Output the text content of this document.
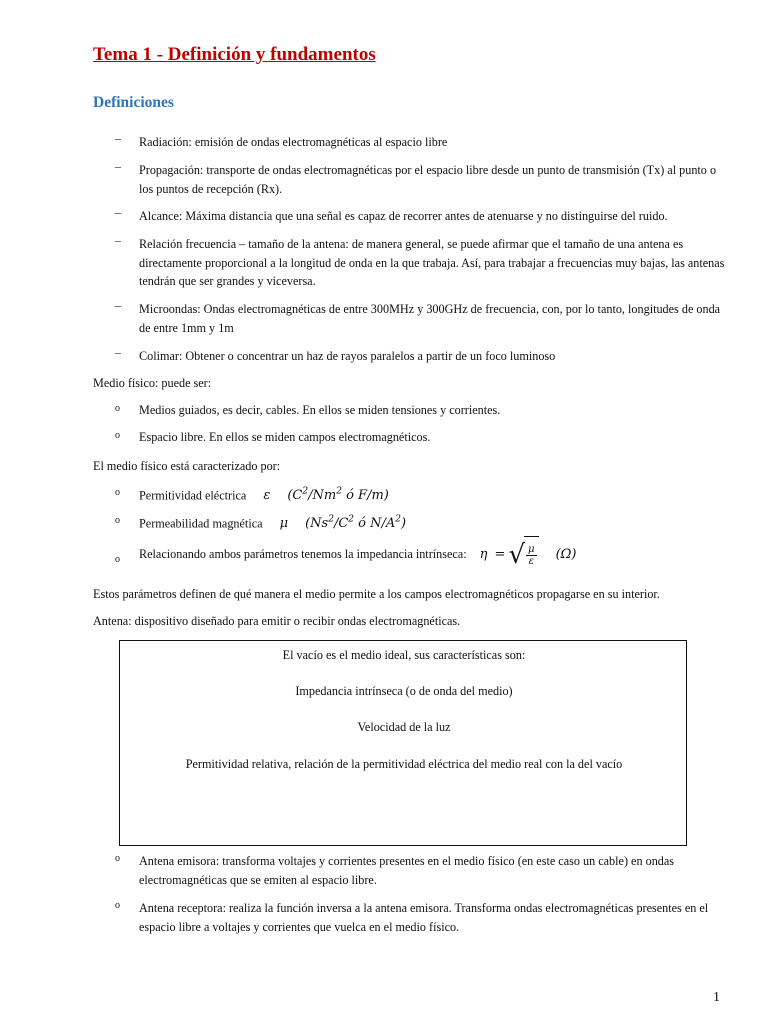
Tema 1 - Definición y fundamentos
Definiciones
– Radiación: emisión de ondas electromagnéticas al espacio libre
– Propagación: transporte de ondas electromagnéticas por el espacio libre desde un punto de transmisión (Tx) al punto o los puntos de recepción (Rx).
– Alcance: Máxima distancia que una señal es capaz de recorrer antes de atenuarse y no distinguirse del ruido.
– Relación frecuencia – tamaño de la antena: de manera general, se puede afirmar que el tamaño de una antena es directamente proporcional a la longitud de onda en la que trabaja. Así, para trabajar a frecuencias muy bajas, las antenas tendrán que ser grandes y viceversa.
– Microondas: Ondas electromagnéticas de entre 300MHz y 300GHz de frecuencia, con, por lo tanto, longitudes de onda de entre 1mm y 1m
– Colimar: Obtener o concentrar un haz de rayos paralelos a partir de un foco luminoso
Medio físico: puede ser:
o Medios guiados, es decir, cables. En ellos se miden tensiones y corrientes.
o Espacio libre. En ellos se miden campos electromagnéticos.
El medio físico está caracterizado por:
o Permitividad eléctrica ε ($C^2/Nm^2$ ó F/m)
o Permeabilidad magnética μ ($Ns^2/C^2$ ó $N/A^2$)
o Relacionando ambos parámetros tenemos la impedancia intrínseca: η = √ $\frac{\mu}{\varepsilon} (\Omega)$
Estos parámetros definen de qué manera el medio permite a los campos electromagnéticos propagarse en su interior.
Antena: dispositivo diseñado para emitir o recibir ondas electromagnéticas.
El vacío es el medio ideal, sus características son:
Impedancia intrínseca (o de onda del medio)
Velocidad de la luz
Permitividad relativa, relación de la permitividad eléctrica del medio real con la del vacío
o Antena emisora: transforma voltajes y corrientes presentes en el medio físico (en este caso un cable) en ondas electromagnéticas que se emiten al espacio libre.
o Antena receptora: realiza la función inversa a la antena emisora. Transforma ondas electromagnéticas presentes en el espacio libre a voltajes y corrientes que vuelca en el medio físico.
1
